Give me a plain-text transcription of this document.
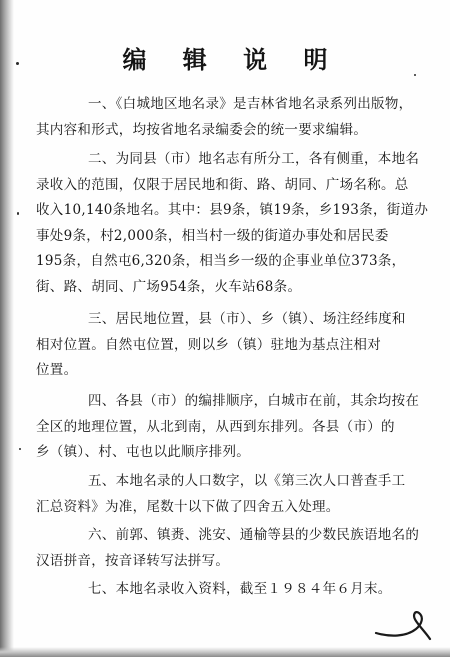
编 辑 说 明
一、《白城地区地名录》是吉林省地名录系列出版物，
其内容和形式，均按省地名录编委会的统一要求编辑。
二、为同县（市）地名志有所分工，各有侧重，本地名
录收入的范围，仅限于居民地和街、路、胡同、广场名称。总
收入10,140条地名。其中：县9条，镇19条，乡193条，街道办
事处9条，村2,000条，相当村一级的街道办事处和居民委
195条，自然屯6,320条，相当乡一级的企事业单位373条，
街、路、胡同、广场954条，火车站68条。
三、居民地位置，县（市）、乡（镇）、场注经纬度和
相对位置。自然屯位置，则以乡（镇）驻地为基点注相对
位置。
四、各县（市）的编排顺序，白城市在前，其余均按在
全区的地理位置，从北到南，从西到东排列。各县（市）的
乡（镇）、村、屯也以此顺序排列。
五、本地名录的人口数字，以《第三次人口普查手工
汇总资料》为准，尾数十以下做了四舍五入处理。
六、前郭、镇赉、洮安、通榆等县的少数民族语地名的
汉语拼音，按音译转写法拼写。
七、本地名录收入资料，截至１９８４年６月末。
